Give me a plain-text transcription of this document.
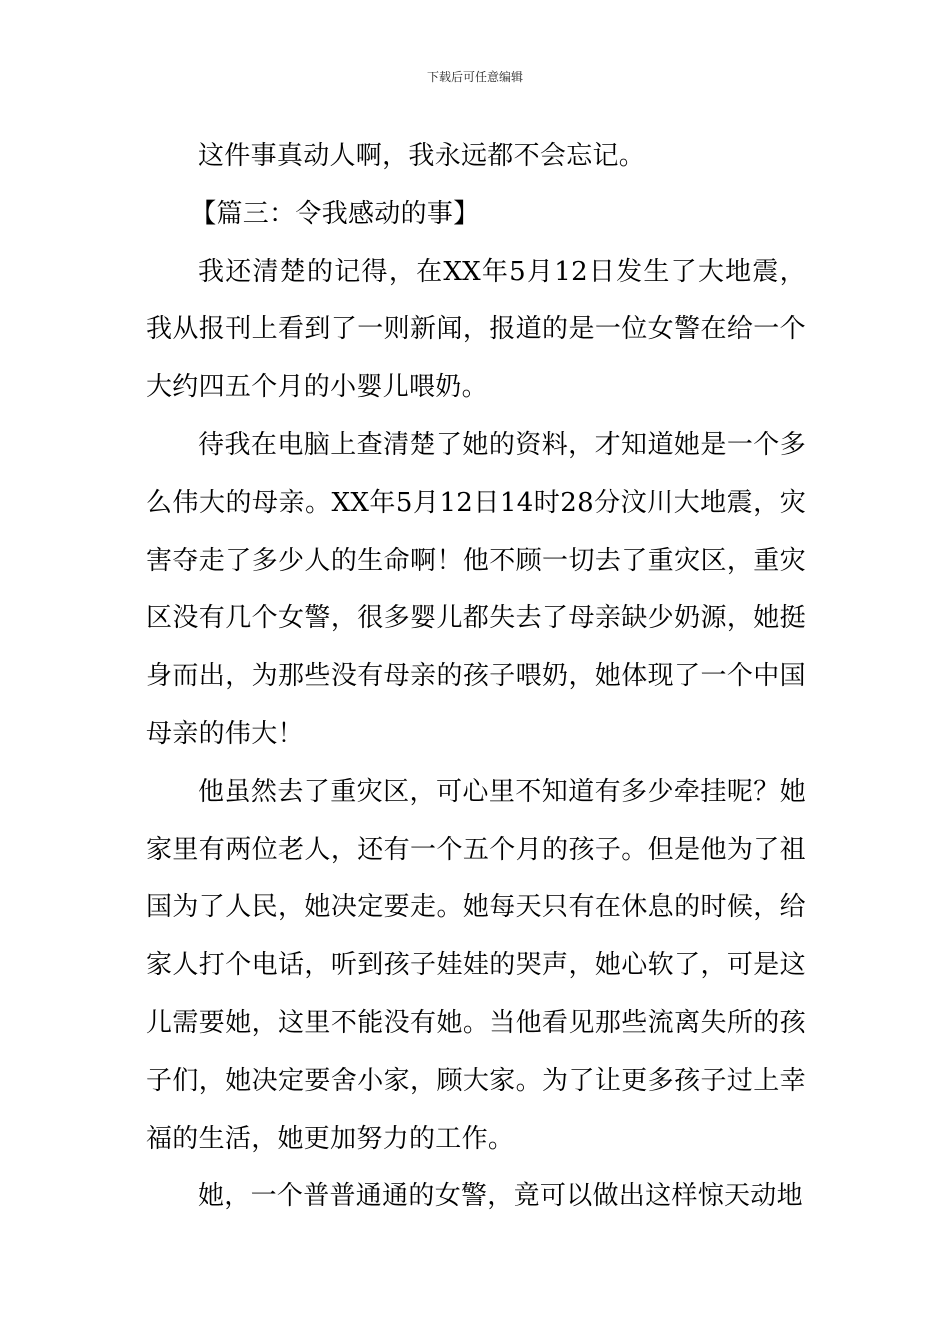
下载后可任意编辑

这件事真动人啊，我永远都不会忘记。

【篇三：令我感动的事】

我还清楚的记得，在XX年5月12日发生了大地震，我从报刊上看到了一则新闻，报道的是一位女警在给一个大约四五个月的小婴儿喂奶。

待我在电脑上查清楚了她的资料，才知道她是一个多么伟大的母亲。XX年5月12日14时28分汶川大地震，灾害夺走了多少人的生命啊！他不顾一切去了重灾区，重灾区没有几个女警，很多婴儿都失去了母亲缺少奶源，她挺身而出，为那些没有母亲的孩子喂奶，她体现了一个中国母亲的伟大！

他虽然去了重灾区，可心里不知道有多少牵挂呢？她家里有两位老人，还有一个五个月的孩子。但是他为了祖国为了人民，她决定要走。她每天只有在休息的时候，给家人打个电话，听到孩子娃娃的哭声，她心软了，可是这儿需要她，这里不能没有她。当他看见那些流离失所的孩子们，她决定要舍小家，顾大家。为了让更多孩子过上幸福的生活，她更加努力的工作。

她，一个普普通通的女警，竟可以做出这样惊天动地
